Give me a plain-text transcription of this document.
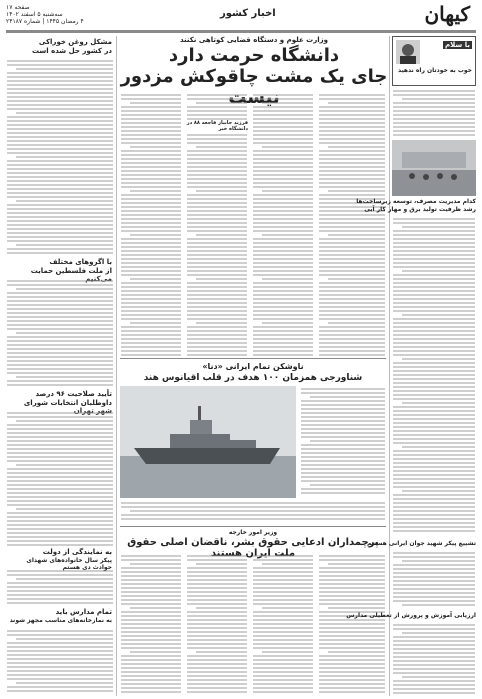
صفحه ۱۷
سه‌شنبه ۵ اسفند ۱۴۰۲
۴ رمضان ۱۴۴۵ | شماره ۲۴۱۸۷
اخبار کشور	کیهان
مشکل روغن خوراکی
در کشور حل شده است
با اگروهای مختلف
از ملت فلسطین حمایت می‌کنیم
تأیید صلاحیت ۹۶ درصد
داوطلبان انتخابات شورای شهر تهران
به نمایندگی از دولت
پیکر سال خانواده‌های شهدای حوادث دی هستم
تمام مدارس باید
به نمازخانه‌های مناسب مجهز شوند
وزارت علوم و دستگاه قضایی کوتاهی نکنند
دانشگاه حرمت دارد
جای یک مشت چاقوکش مزدور نیست
فرزند جانباز فاجعه ۸۸ در دانشگاه خبر
ناوشکن تمام ایرانی «دنا»
شناورجی همزمان ۱۰۰ هدف در قلب اقیانوس هند
وزیر امور خارجه
پرچمداران ادعایی حقوق بشر، ناقضان اصلی حقوق ملت ایران هستند
با سلام
خوب به خودتان راه ندهید
کدام مدیریت مصرف، توسعه زیرساخت‌ها
رشد ظرفیت تولید برق و مهار کار آبی
تشییع پیکر شهید جوان ایرانی هستیم
ارزیابی آموزش و پرورش از تعطیلی مدارس
